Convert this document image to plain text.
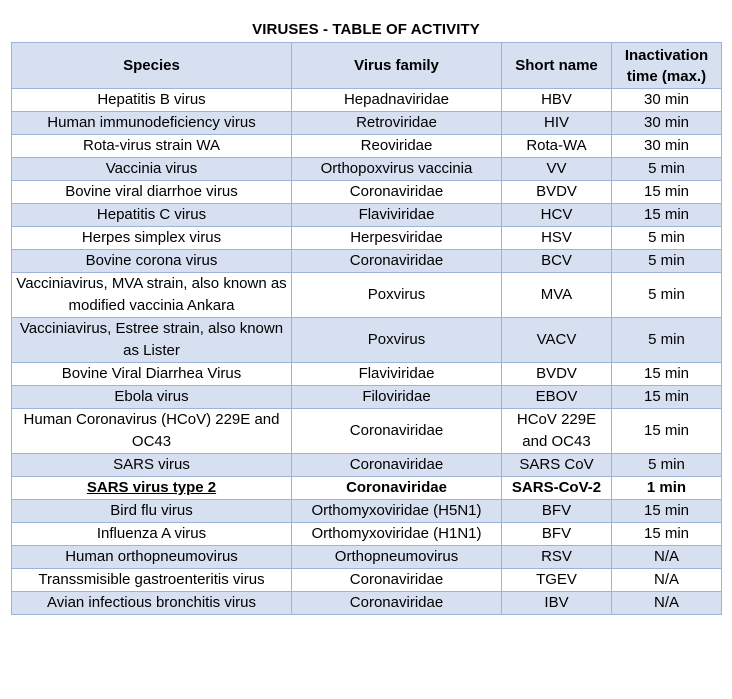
VIRUSES - TABLE OF ACTIVITY
Species	Virus family	Short name	Inactivation time (max.)
Hepatitis B virus	Hepadnaviridae	HBV	30 min
Human immunodeficiency virus	Retroviridae	HIV	30 min
Rota-virus strain WA	Reoviridae	Rota-WA	30 min
Vaccinia virus	Orthopoxvirus vaccinia	VV	5 min
Bovine viral diarrhoe virus	Coronaviridae	BVDV	15 min
Hepatitis C virus	Flaviviridae	HCV	15 min
Herpes simplex virus	Herpesviridae	HSV	5 min
Bovine corona virus	Coronaviridae	BCV	5 min
Vacciniavirus, MVA strain, also known as modified vaccinia Ankara	Poxvirus	MVA	5 min
Vacciniavirus, Estree strain, also known as Lister	Poxvirus	VACV	5 min
Bovine Viral Diarrhea Virus	Flaviviridae	BVDV	15 min
Ebola virus	Filoviridae	EBOV	15 min
Human Coronavirus (HCoV) 229E and OC43	Coronaviridae	HCoV 229E and OC43	15 min
SARS virus	Coronaviridae	SARS CoV	5 min
SARS virus type 2	Coronaviridae	SARS-CoV-2	1 min
Bird flu virus	Orthomyxoviridae (H5N1)	BFV	15 min
Influenza A virus	Orthomyxoviridae (H1N1)	BFV	15 min
Human orthopneumovirus	Orthopneumovirus	RSV	N/A
Transsmisible gastroenteritis virus	Coronaviridae	TGEV	N/A
Avian infectious bronchitis virus	Coronaviridae	IBV	N/A
